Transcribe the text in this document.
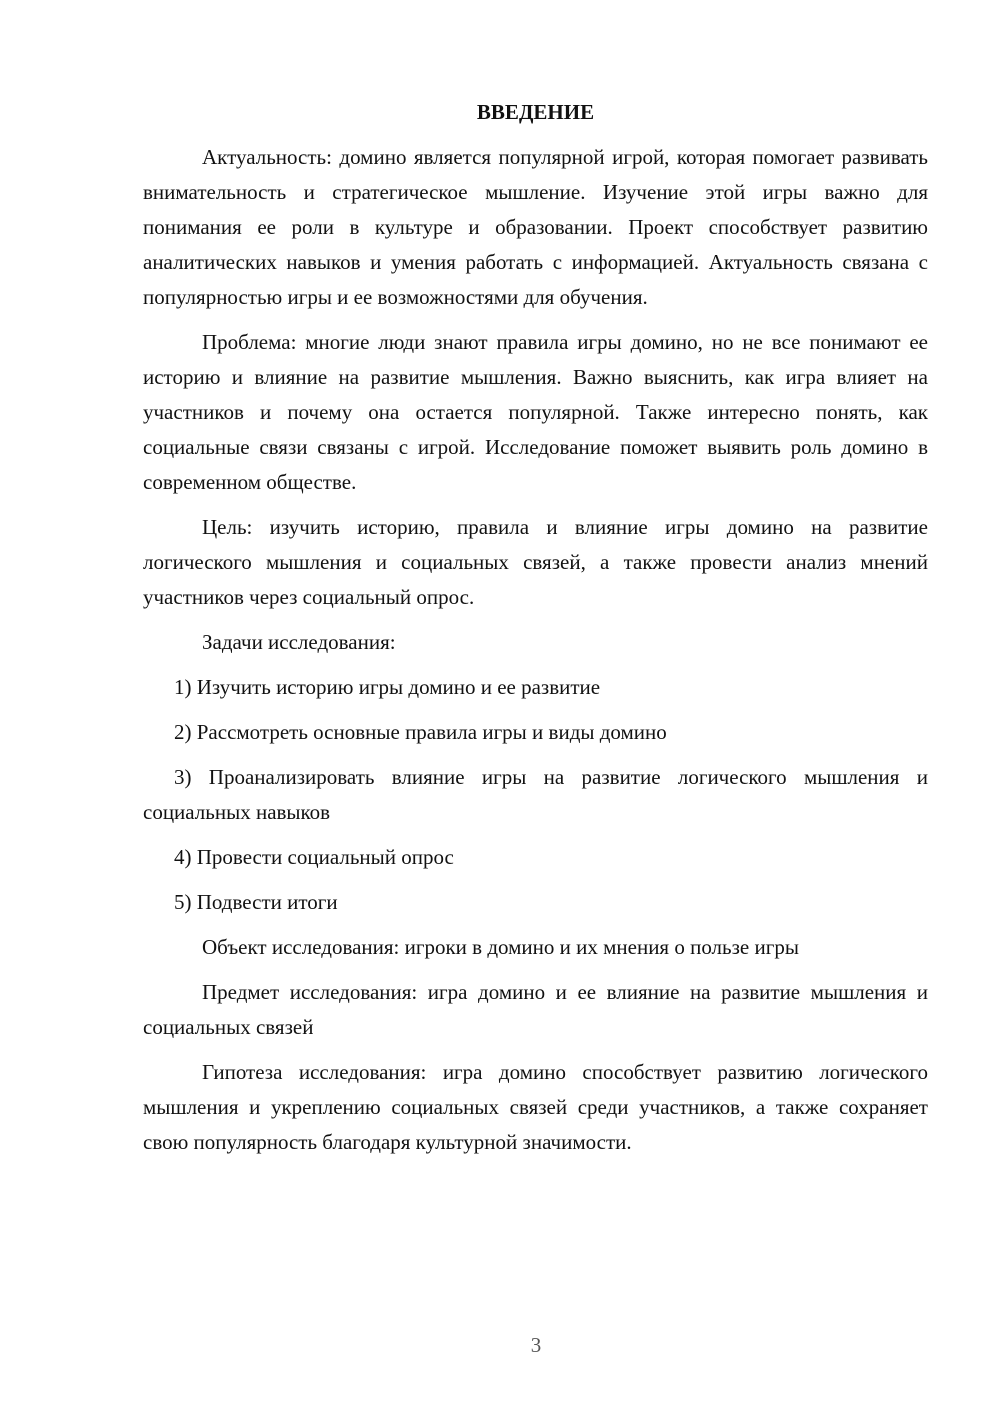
ВВЕДЕНИЕ

Актуальность: домино является популярной игрой, которая помогает развивать внимательность и стратегическое мышление. Изучение этой игры важно для понимания ее роли в культуре и образовании. Проект способствует развитию аналитических навыков и умения работать с информацией. Актуальность связана с популярностью игры и ее возможностями для обучения.

Проблема: многие люди знают правила игры домино, но не все понимают ее историю и влияние на развитие мышления. Важно выяснить, как игра влияет на участников и почему она остается популярной. Также интересно понять, как социальные связи связаны с игрой. Исследование поможет выявить роль домино в современном обществе.

Цель: изучить историю, правила и влияние игры домино на развитие логического мышления и социальных связей, а также провести анализ мнений участников через социальный опрос.

Задачи исследования:

1) Изучить историю игры домино и ее развитие

2) Рассмотреть основные правила игры и виды домино

3) Проанализировать влияние игры на развитие логического мышления и социальных навыков

4) Провести социальный опрос

5) Подвести итоги

Объект исследования: игроки в домино и их мнения о пользе игры

Предмет исследования: игра домино и ее влияние на развитие мышления и социальных связей

Гипотеза исследования: игра домино способствует развитию логического мышления и укреплению социальных связей среди участников, а также сохраняет свою популярность благодаря культурной значимости.

3
